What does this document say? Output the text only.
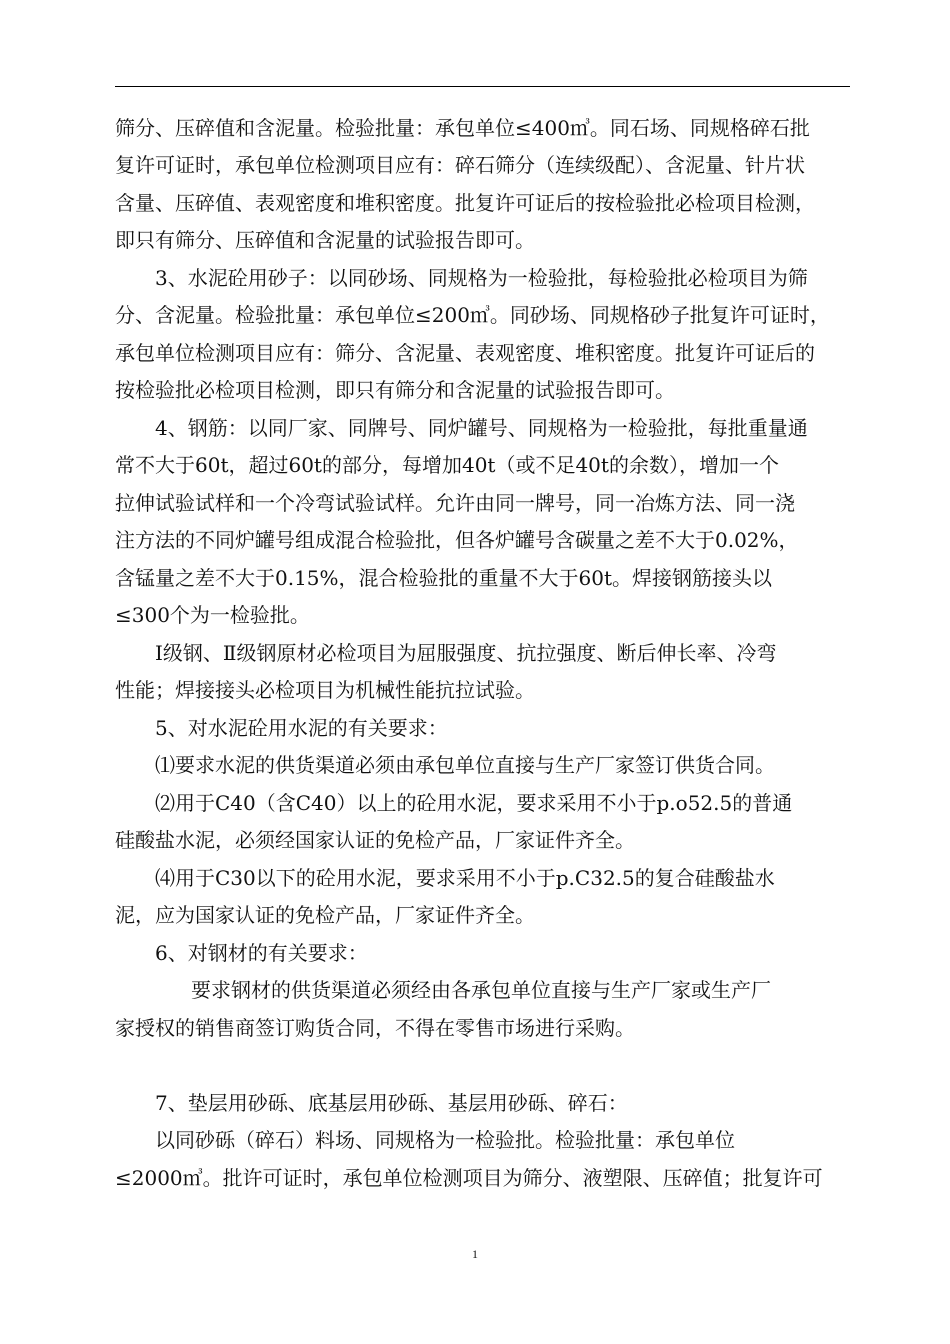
筛分、压碎值和含泥量。检验批量：承包单位≤400㎥。同石场、同规格碎石批
复许可证时，承包单位检测项目应有：碎石筛分（连续级配）、含泥量、针片状
含量、压碎值、表观密度和堆积密度。批复许可证后的按检验批必检项目检测，
即只有筛分、压碎值和含泥量的试验报告即可。
3、水泥砼用砂子：以同砂场、同规格为一检验批，每检验批必检项目为筛
分、含泥量。检验批量：承包单位≤200㎥。同砂场、同规格砂子批复许可证时，
承包单位检测项目应有：筛分、含泥量、表观密度、堆积密度。批复许可证后的
按检验批必检项目检测，即只有筛分和含泥量的试验报告即可。
4、钢筋：以同厂家、同牌号、同炉罐号、同规格为一检验批，每批重量通
常不大于60t，超过60t的部分，每增加40t（或不足40t的余数），增加一个
拉伸试验试样和一个冷弯试验试样。允许由同一牌号，同一冶炼方法、同一浇
注方法的不同炉罐号组成混合检验批，但各炉罐号含碳量之差不大于0.02%，
含锰量之差不大于0.15%，混合检验批的重量不大于60t。焊接钢筋接头以
≤300个为一检验批。
Ⅰ级钢、Ⅱ级钢原材必检项目为屈服强度、抗拉强度、断后伸长率、冷弯
性能；焊接接头必检项目为机械性能抗拉试验。
5、对水泥砼用水泥的有关要求：
⑴要求水泥的供货渠道必须由承包单位直接与生产厂家签订供货合同。
⑵用于C40（含C40）以上的砼用水泥，要求采用不小于p.o52.5的普通
硅酸盐水泥，必须经国家认证的免检产品，厂家证件齐全。
⑷用于C30以下的砼用水泥，要求采用不小于p.C32.5的复合硅酸盐水
泥，应为国家认证的免检产品，厂家证件齐全。
6、对钢材的有关要求：
要求钢材的供货渠道必须经由各承包单位直接与生产厂家或生产厂
家授权的销售商签订购货合同，不得在零售市场进行采购。
7、垫层用砂砾、底基层用砂砾、基层用砂砾、碎石：
以同砂砾（碎石）料场、同规格为一检验批。检验批量：承包单位
≤2000㎥。批许可证时，承包单位检测项目为筛分、液塑限、压碎值；批复许可
1
